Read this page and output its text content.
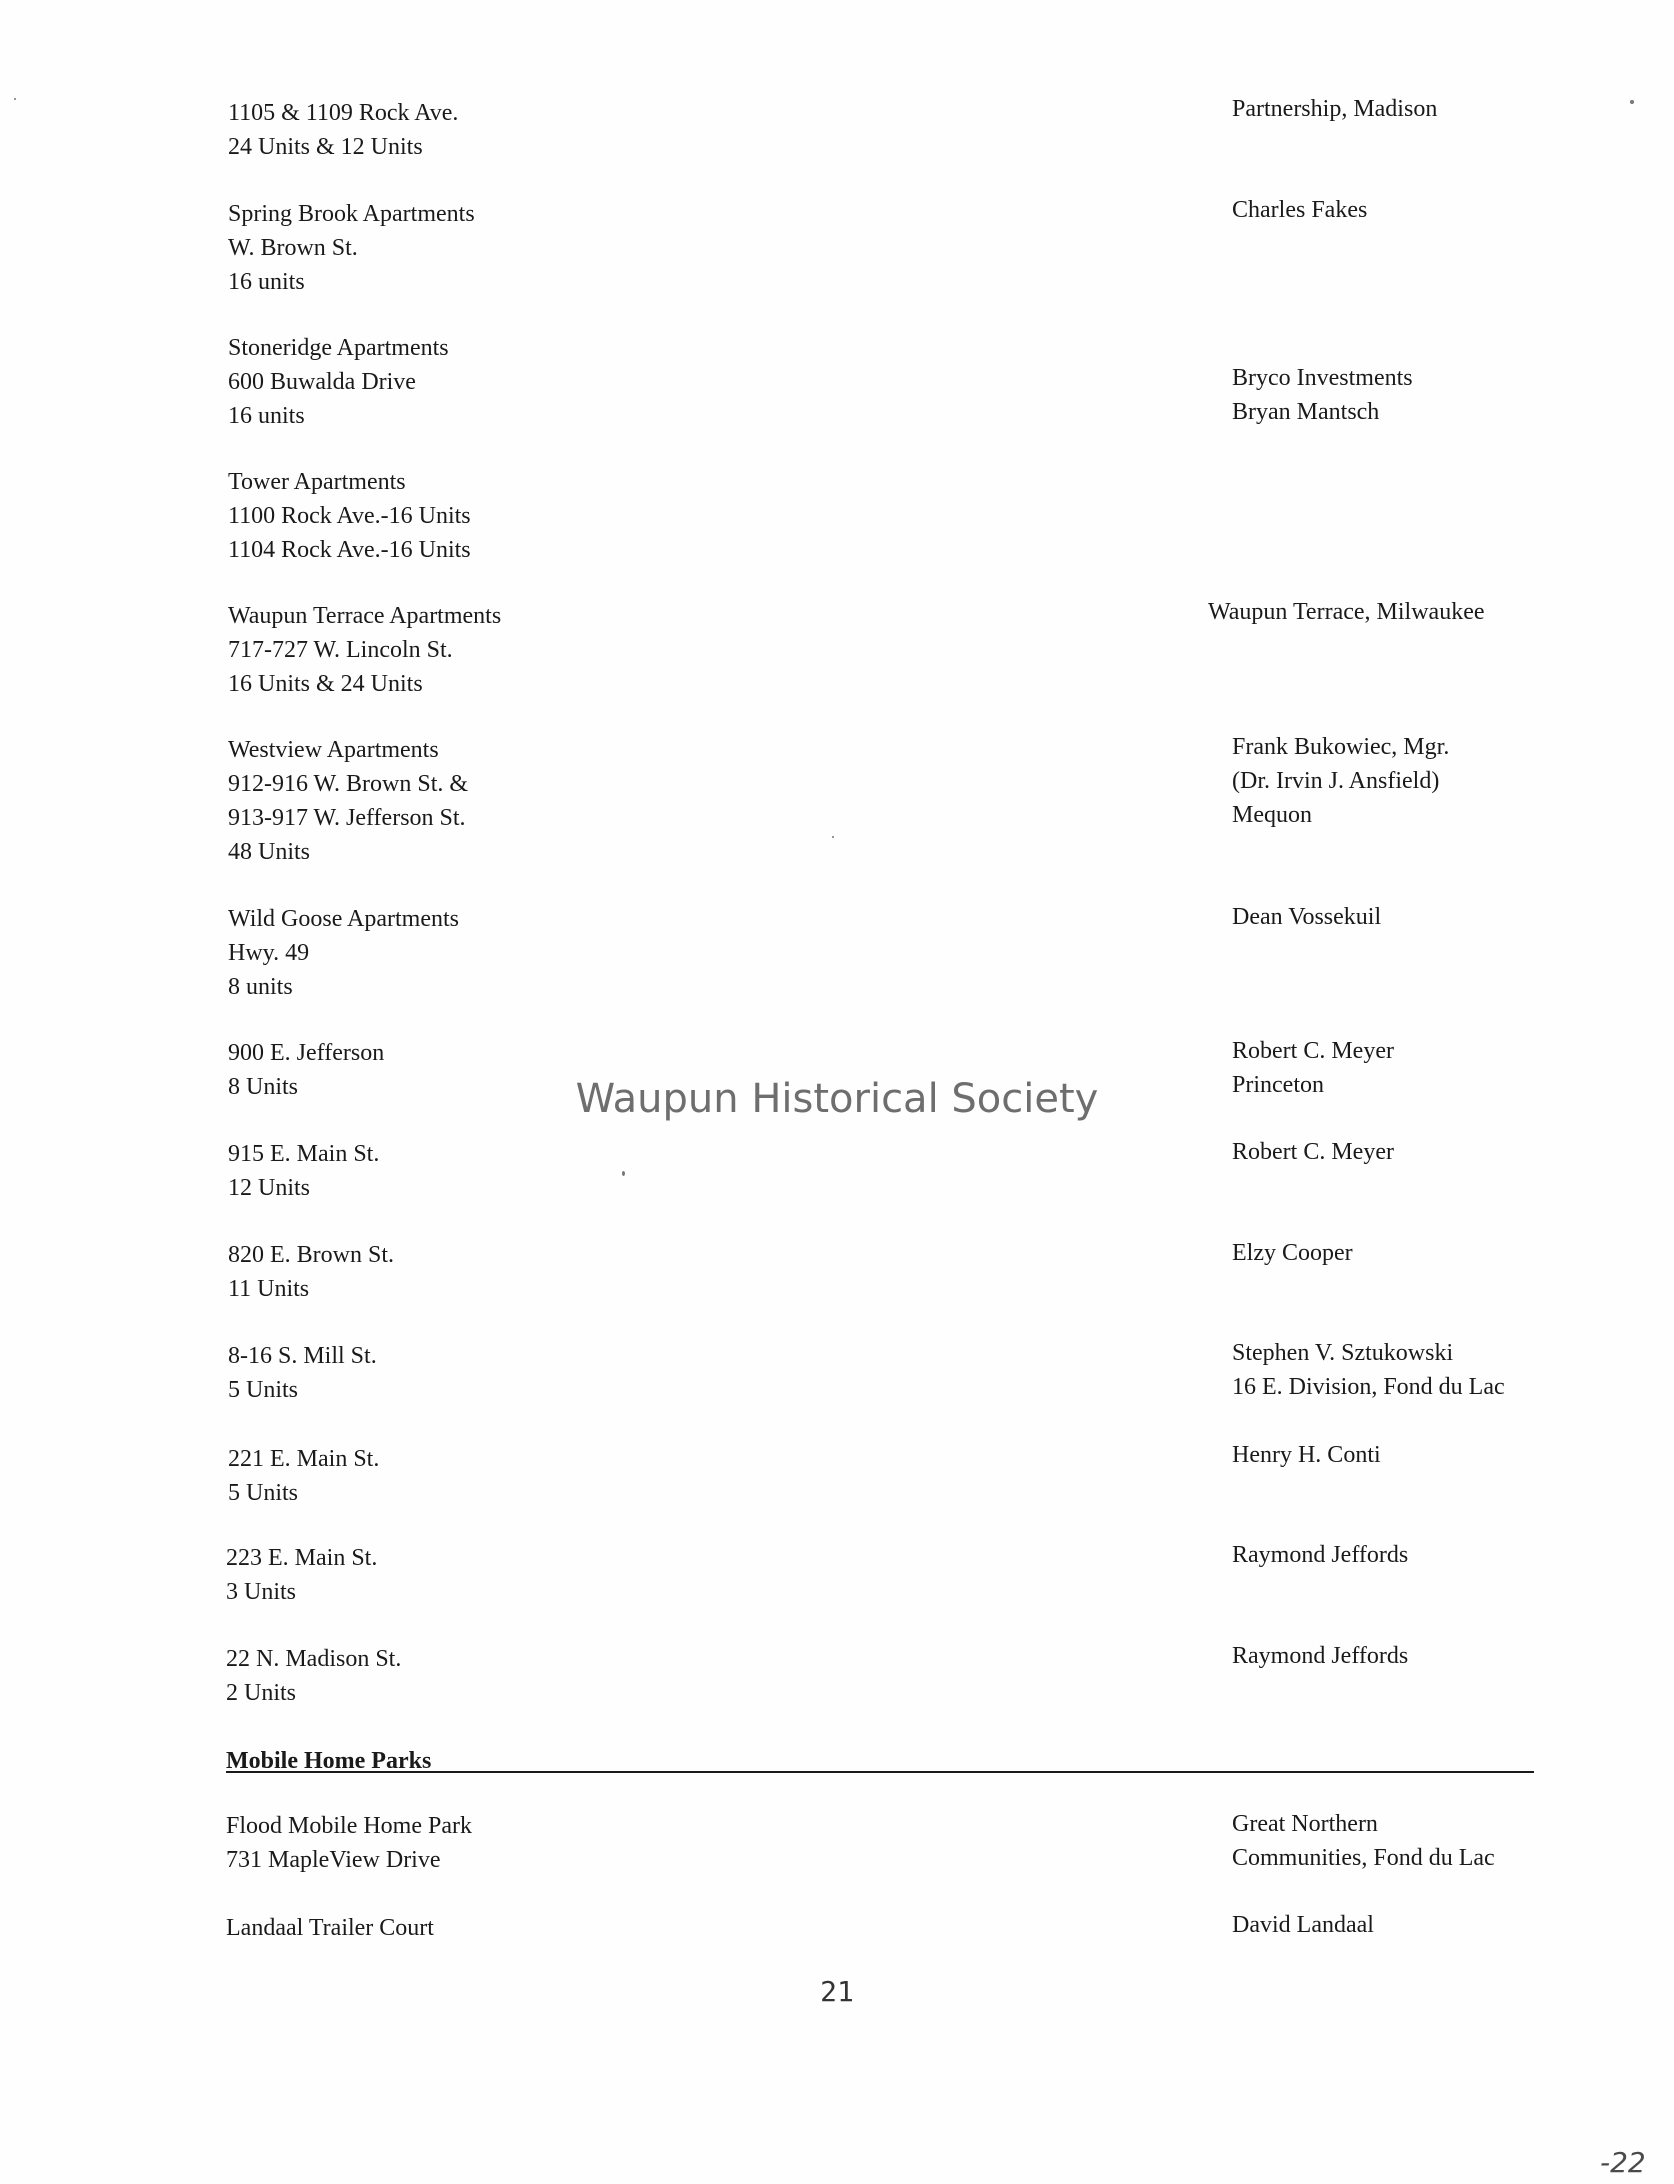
1105 & 1109 Rock Ave.
24 Units & 12 Units
Partnership, Madison
Spring Brook Apartments
W. Brown St.
16 units
Charles Fakes
Stoneridge Apartments
600 Buwalda Drive
16 units
Bryco Investments
Bryan Mantsch
Tower Apartments
1100 Rock Ave.-16 Units
1104 Rock Ave.-16 Units
Waupun Terrace Apartments
717-727 W. Lincoln St.
16 Units & 24 Units
Waupun Terrace, Milwaukee
Westview Apartments
912-916 W. Brown St. &
913-917 W. Jefferson St.
48 Units
Frank Bukowiec, Mgr.
(Dr. Irvin J. Ansfield)
Mequon
Wild Goose Apartments
Hwy. 49
8 units
Dean Vossekuil
900 E. Jefferson
8 Units
Robert C. Meyer
Princeton
915 E. Main St.
12 Units
Robert C. Meyer
820 E. Brown St.
11 Units
Elzy Cooper
8-16 S. Mill St.
5 Units
Stephen V. Sztukowski
16 E. Division, Fond du Lac
221 E. Main St.
5 Units
Henry H. Conti
223 E. Main St.
3 Units
Raymond Jeffords
22 N. Madison St.
2 Units
Raymond Jeffords
Mobile Home Parks
Flood Mobile Home Park
731 MapleView Drive
Great Northern
Communities, Fond du Lac
Landaal Trailer Court	David Landaal
Waupun Historical Society
21
-22
